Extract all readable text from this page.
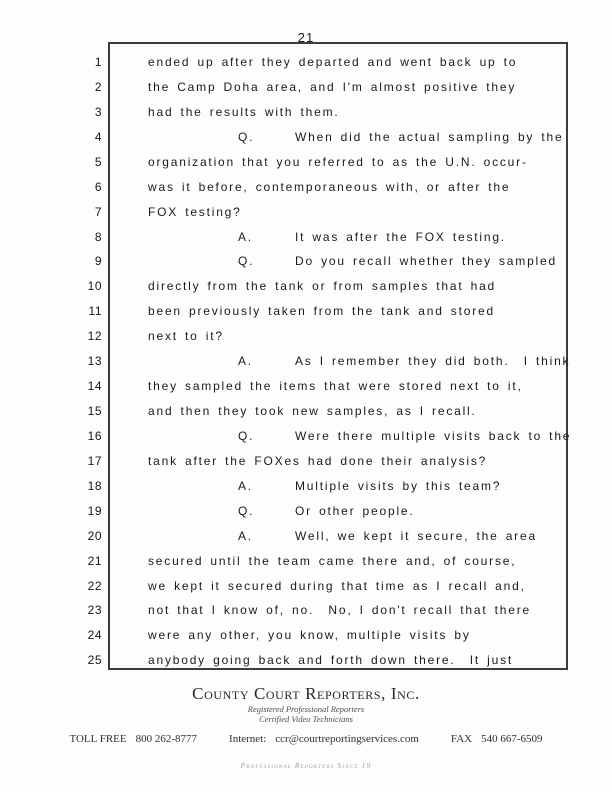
21
1	ended up after they departed and went back up to
2	the Camp Doha area, and I'm almost positive they
3	had the results with them.
4	Q.	When did the actual sampling by the
5	organization that you referred to as the U.N. occur-
6	was it before, contemporaneous with, or after the
7	FOX testing?
8	A.	It was after the FOX testing.
9	Q.	Do you recall whether they sampled
10	directly from the tank or from samples that had
11	been previously taken from the tank and stored
12	next to it?
13	A.	As I remember they did both.  I think
14	they sampled the items that were stored next to it,
15	and then they took new samples, as I recall.
16	Q.	Were there multiple visits back to the
17	tank after the FOXes had done their analysis?
18	A.	Multiple visits by this team?
19	Q.	Or other people.
20	A.	Well, we kept it secure, the area
21	secured until the team came there and, of course,
22	we kept it secured during that time as I recall and,
23	not that I know of, no.  No, I don't recall that there
24	were any other, you know, multiple visits by
25	anybody going back and forth down there.  It just
County Court Reporters, Inc.
Registered Professional Reporters
Certified Video Technicians
TOLL FREE 800 262-8777	Internet: ccr@courtreportingservices.com	FAX 540 667-6509
Professional Reporters Since 19
